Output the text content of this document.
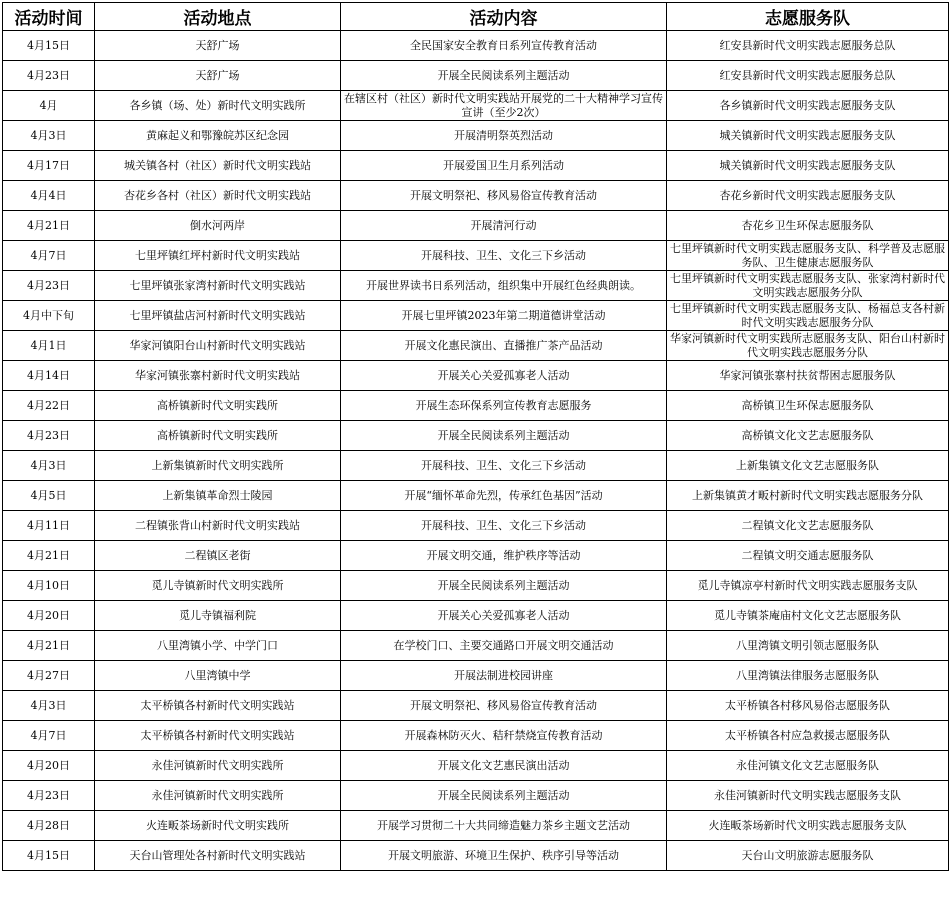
活动时间	活动地点	活动内容	志愿服务队
4月15日	天舒广场	全民国家安全教育日系列宣传教育活动	红安县新时代文明实践志愿服务总队
4月23日	天舒广场	开展全民阅读系列主题活动	红安县新时代文明实践志愿服务总队
4月	各乡镇（场、处）新时代文明实践所	在辖区村（社区）新时代文明实践站开展党的二十大精神学习宣传宣讲（至少2次）	各乡镇新时代文明实践志愿服务支队
4月3日	黄麻起义和鄂豫皖苏区纪念园	开展清明祭英烈活动	城关镇新时代文明实践志愿服务支队
4月17日	城关镇各村（社区）新时代文明实践站	开展爱国卫生月系列活动	城关镇新时代文明实践志愿服务支队
4月4日	杏花乡各村（社区）新时代文明实践站	开展文明祭祀、移风易俗宣传教育活动	杏花乡新时代文明实践志愿服务支队
4月21日	倒水河两岸	开展清河行动	杏花乡卫生环保志愿服务队
4月7日	七里坪镇红坪村新时代文明实践站	开展科技、卫生、文化三下乡活动	七里坪镇新时代文明实践志愿服务支队、科学普及志愿服务队、卫生健康志愿服务队
4月23日	七里坪镇张家湾村新时代文明实践站	开展世界读书日系列活动，组织集中开展红色经典朗读。	七里坪镇新时代文明实践志愿服务支队、张家湾村新时代文明实践志愿服务分队
4月中下旬	七里坪镇盐店河村新时代文明实践站	开展七里坪镇2023年第二期道德讲堂活动	七里坪镇新时代文明实践志愿服务支队、杨福总支各村新时代文明实践志愿服务分队
4月1日	华家河镇阳台山村新时代文明实践站	开展文化惠民演出、直播推广茶产品活动	华家河镇新时代文明实践所志愿服务支队、阳台山村新时代文明实践志愿服务分队
4月14日	华家河镇张寨村新时代文明实践站	开展关心关爱孤寡老人活动	华家河镇张寨村扶贫帮困志愿服务队
4月22日	高桥镇新时代文明实践所	开展生态环保系列宣传教育志愿服务	高桥镇卫生环保志愿服务队
4月23日	高桥镇新时代文明实践所	开展全民阅读系列主题活动	高桥镇文化文艺志愿服务队
4月3日	上新集镇新时代文明实践所	开展科技、卫生、文化三下乡活动	上新集镇文化文艺志愿服务队
4月5日	上新集镇革命烈士陵园	开展“缅怀革命先烈，传承红色基因”活动	上新集镇黄才畈村新时代文明实践志愿服务分队
4月11日	二程镇张背山村新时代文明实践站	开展科技、卫生、文化三下乡活动	二程镇文化文艺志愿服务队
4月21日	二程镇区老街	开展文明交通，维护秩序等活动	二程镇文明交通志愿服务队
4月10日	觅儿寺镇新时代文明实践所	开展全民阅读系列主题活动	觅儿寺镇凉亭村新时代文明实践志愿服务支队
4月20日	觅儿寺镇福利院	开展关心关爱孤寡老人活动	觅儿寺镇茶庵庙村文化文艺志愿服务队
4月21日	八里湾镇小学、中学门口	在学校门口、主要交通路口开展文明交通活动	八里湾镇文明引领志愿服务队
4月27日	八里湾镇中学	开展法制进校园讲座	八里湾镇法律服务志愿服务队
4月3日	太平桥镇各村新时代文明实践站	开展文明祭祀、移风易俗宣传教育活动	太平桥镇各村移风易俗志愿服务队
4月7日	太平桥镇各村新时代文明实践站	开展森林防灭火、秸秆禁烧宣传教育活动	太平桥镇各村应急救援志愿服务队
4月20日	永佳河镇新时代文明实践所	开展文化文艺惠民演出活动	永佳河镇文化文艺志愿服务队
4月23日	永佳河镇新时代文明实践所	开展全民阅读系列主题活动	永佳河镇新时代文明实践志愿服务支队
4月28日	火连畈茶场新时代文明实践所	开展学习贯彻二十大共同缔造魅力茶乡主题文艺活动	火连畈茶场新时代文明实践志愿服务支队
4月15日	天台山管理处各村新时代文明实践站	开展文明旅游、环境卫生保护、秩序引导等活动	天台山文明旅游志愿服务队
